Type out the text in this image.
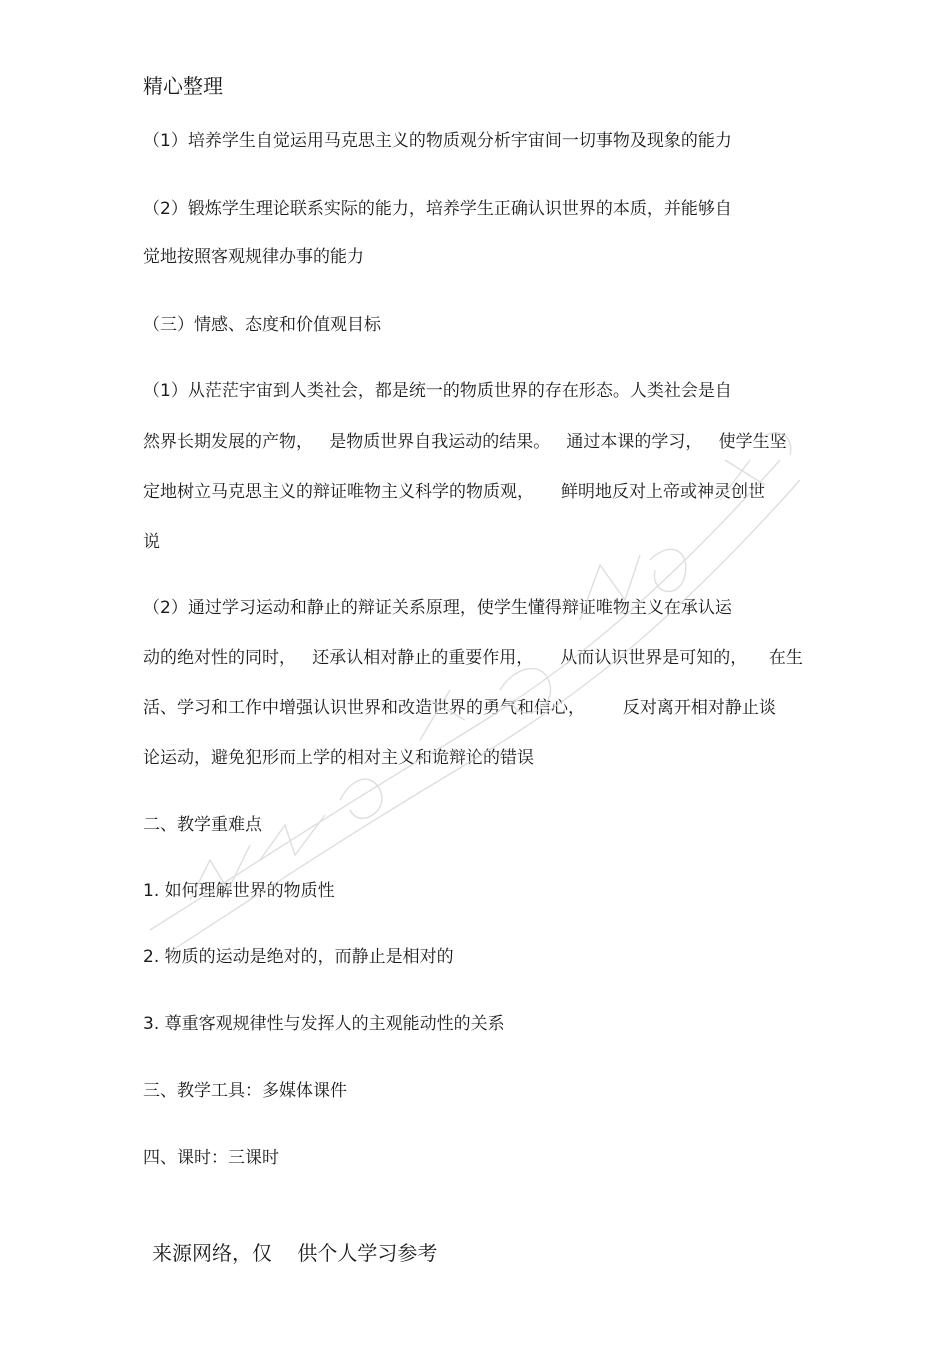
精心整理
（1）培养学生自觉运用马克思主义的物质观分析宇宙间一切事物及现象的能力
（2）锻炼学生理论联系实际的能力，培养学生正确认识世界的本质，并能够自
觉地按照客观规律办事的能力
（三）情感、态度和价值观目标
（1）从茫茫宇宙到人类社会，都是统一的物质世界的存在形态。人类社会是自
然界长期发展的产物，   是物质世界自我运动的结果。   通过本课的学习，   使学生坚
定地树立马克思主义的辩证唯物主义科学的物质观，     鲜明地反对上帝或神灵创世
说
（2）通过学习运动和静止的辩证关系原理，使学生懂得辩证唯物主义在承认运
动的绝对性的同时，   还承认相对静止的重要作用，     从而认识世界是可知的，    在生
活、学习和工作中增强认识世界和改造世界的勇气和信心，       反对离开相对静止谈
论运动，避免犯形而上学的相对主义和诡辩论的错误
二、教学重难点
1. 如何理解世界的物质性
2. 物质的运动是绝对的，而静止是相对的
3. 尊重客观规律性与发挥人的主观能动性的关系
三、教学工具：多媒体课件
四、课时：三课时
来源网络，仅    供个人学习参考
